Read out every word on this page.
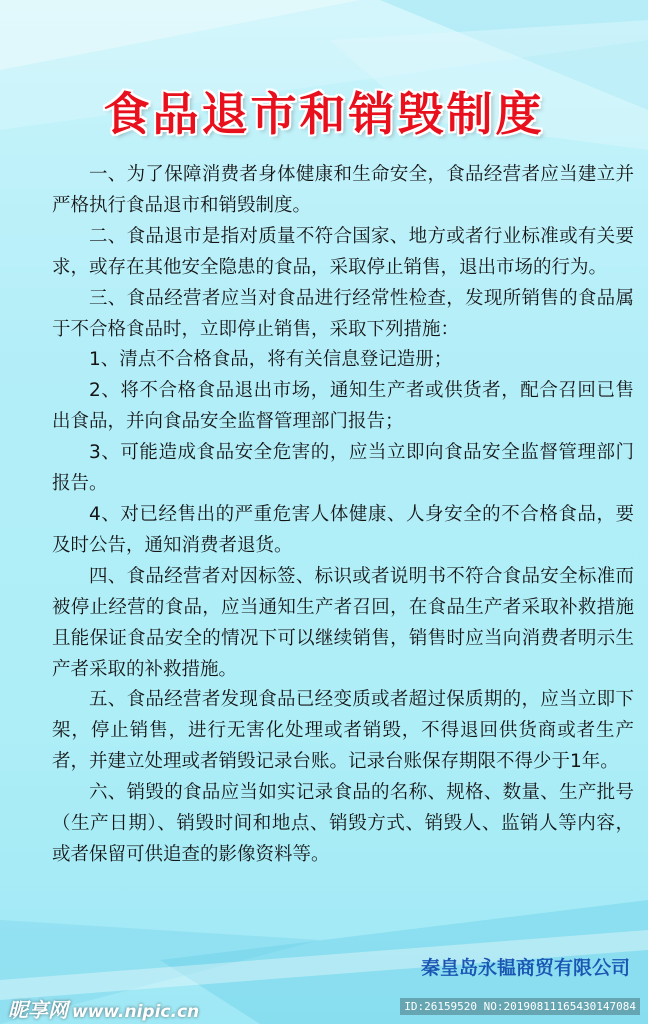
食品退市和销毁制度

一、为了保障消费者身体健康和生命安全，食品经营者应当建立并严格执行食品退市和销毁制度。

二、食品退市是指对质量不符合国家、地方或者行业标准或有关要求，或存在其他安全隐患的食品，采取停止销售，退出市场的行为。

三、食品经营者应当对食品进行经常性检查，发现所销售的食品属于不合格食品时，立即停止销售，采取下列措施：

1、清点不合格食品，将有关信息登记造册；

2、将不合格食品退出市场，通知生产者或供货者，配合召回已售出食品，并向食品安全监督管理部门报告；

3、可能造成食品安全危害的，应当立即向食品安全监督管理部门报告。

4、对已经售出的严重危害人体健康、人身安全的不合格食品，要及时公告，通知消费者退货。

四、食品经营者对因标签、标识或者说明书不符合食品安全标准而被停止经营的食品，应当通知生产者召回，在食品生产者采取补救措施且能保证食品安全的情况下可以继续销售，销售时应当向消费者明示生产者采取的补救措施。

五、食品经营者发现食品已经变质或者超过保质期的，应当立即下架，停止销售，进行无害化处理或者销毁，不得退回供货商或者生产者，并建立处理或者销毁记录台账。记录台账保存期限不得少于1年。

六、销毁的食品应当如实记录食品的名称、规格、数量、生产批号（生产日期）、销毁时间和地点、销毁方式、销毁人、监销人等内容，或者保留可供追查的影像资料等。

秦皇岛永韫商贸有限公司
昵享网 www.nipic.cn	ID:26159520 NO:20190811165430147084
